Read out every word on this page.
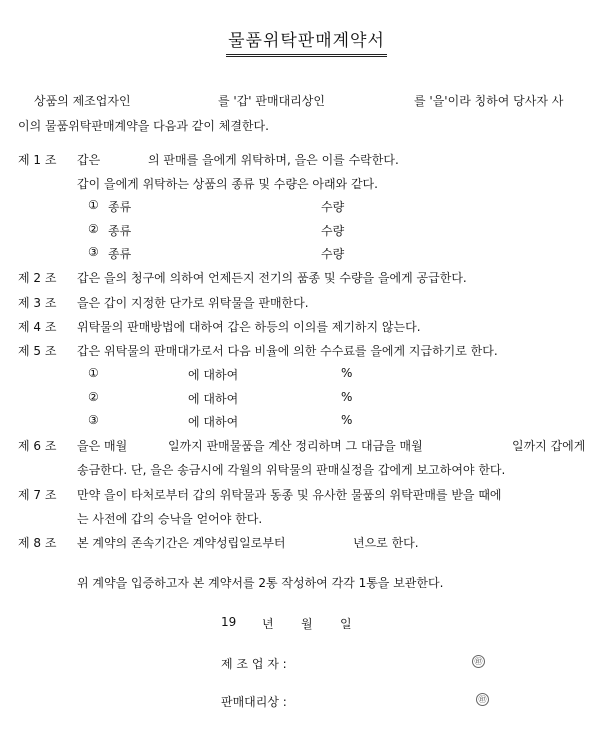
물품위탁판매계약서
상품의 제조업자인	를 '갑' 판매대리상인	를 '을'이라 칭하여 당사자 사
이의 물품위탁판매계약을 다음과 같이 체결한다.
제 1 조 갑은	의 판매를 을에게 위탁하며, 을은 이를 수락한다.
갑이 을에게 위탁하는 상품의 종류 및 수량은 아래와 같다.
① 종류	수량
② 종류	수량
③ 종류	수량
제 2 조 갑은 을의 청구에 의하여 언제든지 전기의 품종 및 수량을 을에게 공급한다.
제 3 조 을은 갑이 지정한 단가로 위탁물을 판매한다.
제 4 조 위탁물의 판매방법에 대하여 갑은 하등의 이의를 제기하지 않는다.
제 5 조 갑은 위탁물의 판매대가로서 다음 비율에 의한 수수료를 을에게 지급하기로 한다.
①	에 대하여	%
②	에 대하여	%
③	에 대하여	%
제 6 조 을은 매월	일까지 판매물품을 계산 정리하며 그 대금을 매월	일까지 갑에게
송금한다. 단, 을은 송금시에 각월의 위탁물의 판매실정을 갑에게 보고하여야 한다.
제 7 조 만약 을이 타처로부터 갑의 위탁물과 동종 및 유사한 물품의 위탁판매를 받을 때에
는 사전에 갑의 승낙을 얻어야 한다.
제 8 조 본 계약의 존속기간은 계약성립일로부터	년으로 한다.
위 계약을 입증하고자 본 계약서를 2통 작성하여 각각 1통을 보관한다.
19 년 월 일
제 조 업 자 :	㊞
판매대리상 :	㊞
